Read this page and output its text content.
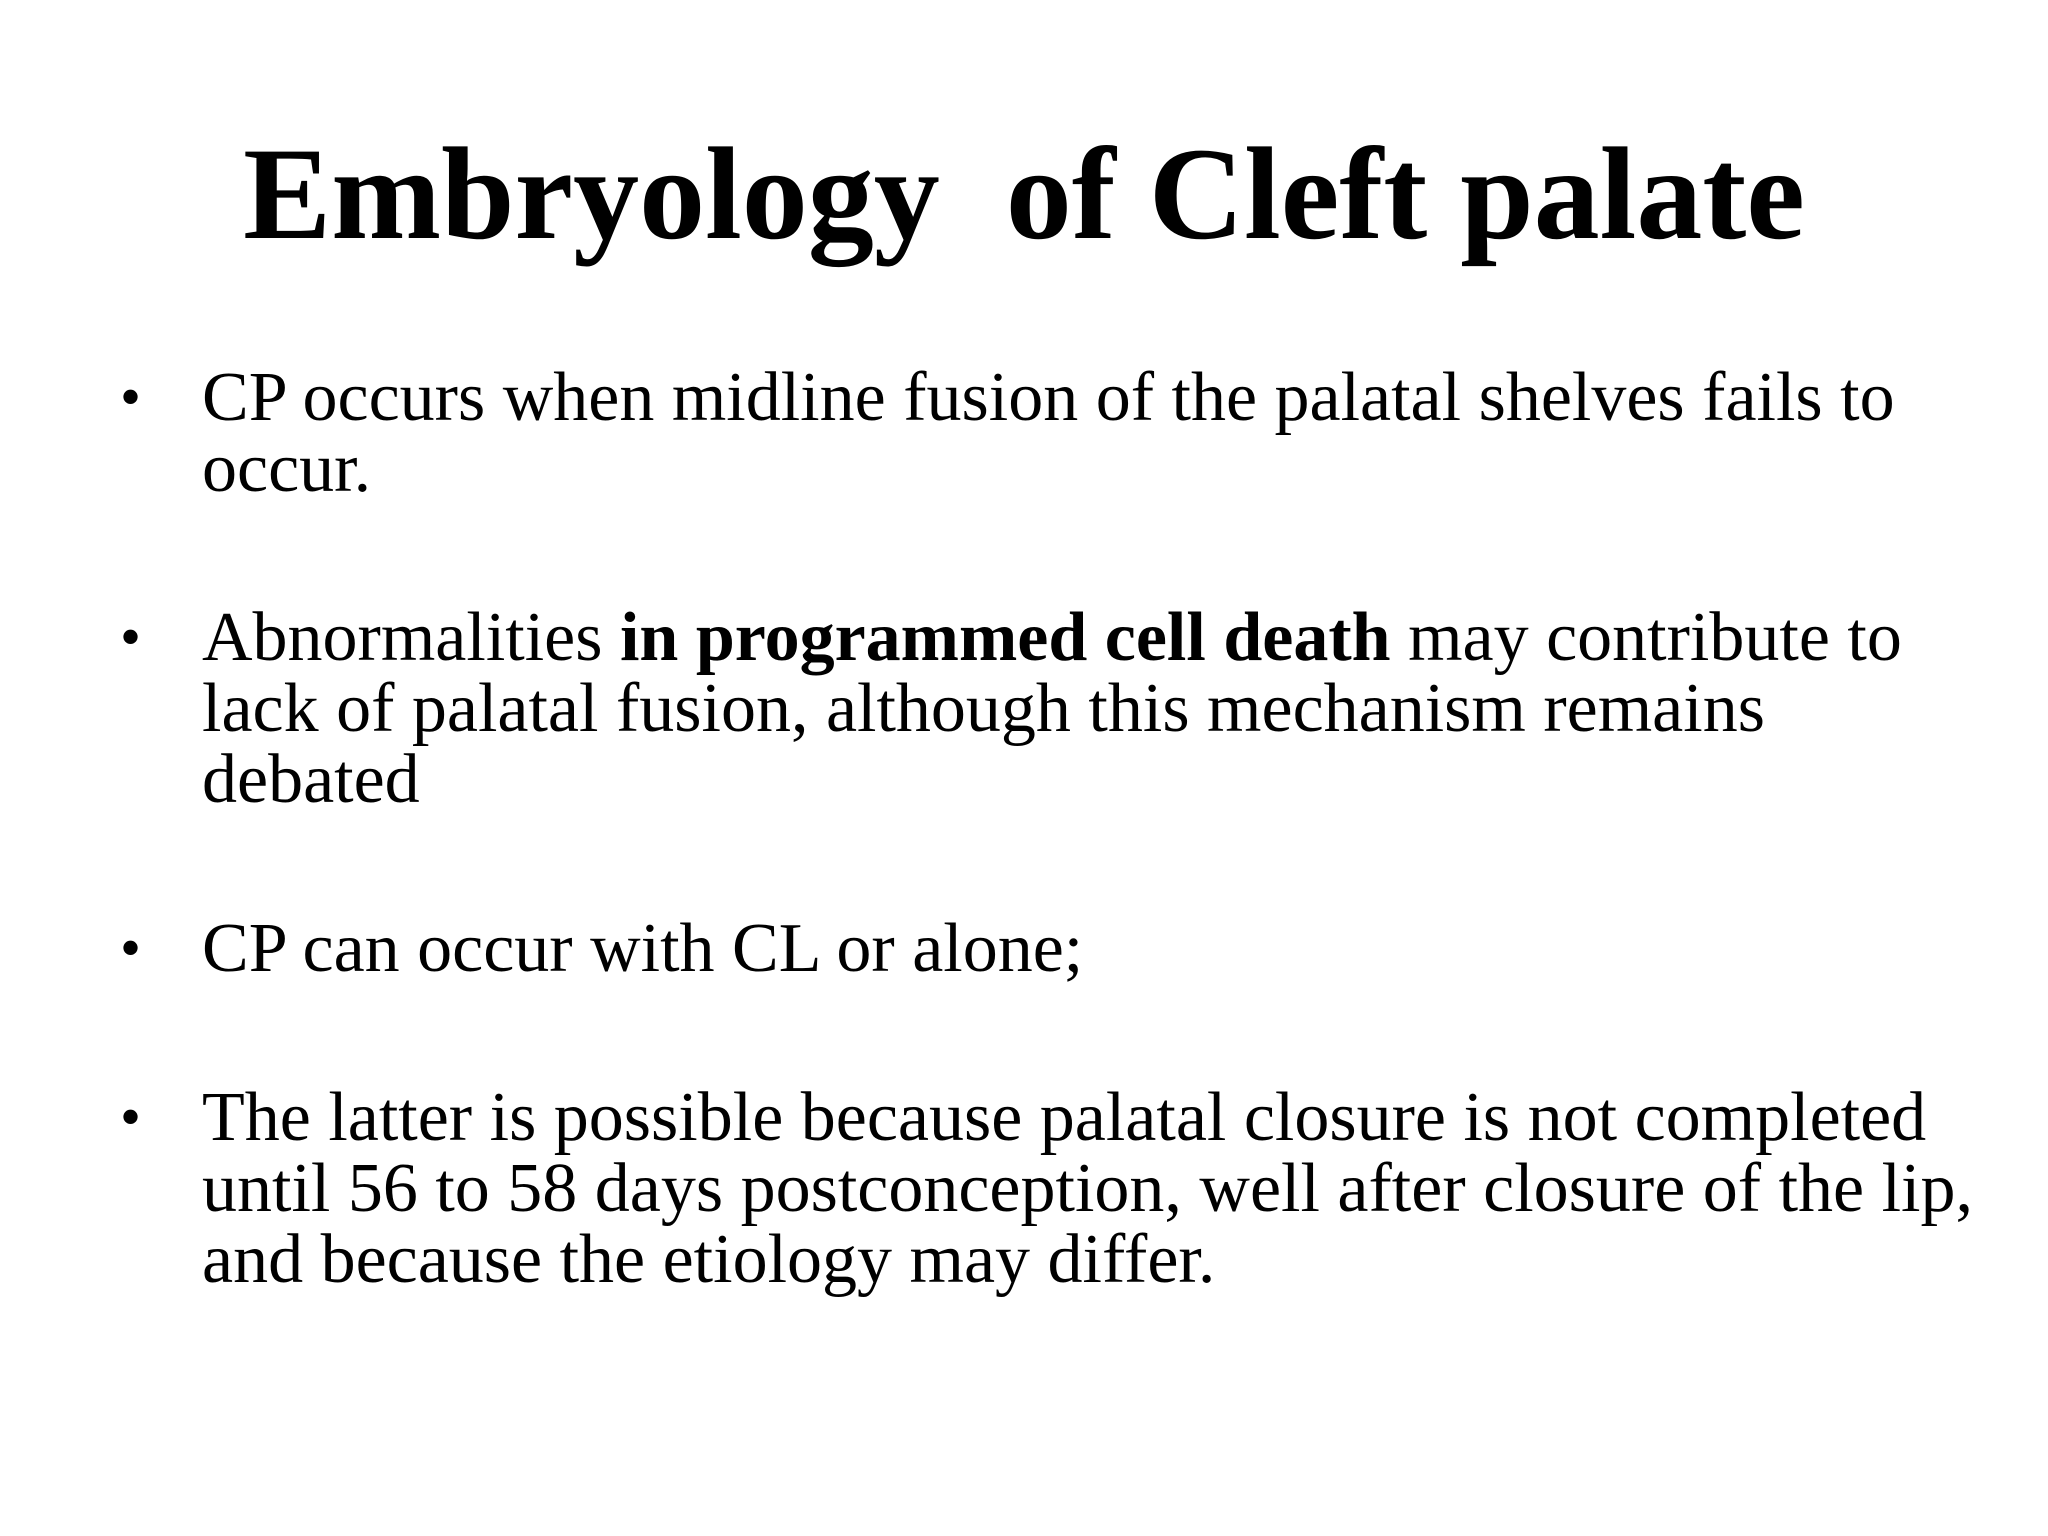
Embryology  of Cleft palate
• CP occurs when midline fusion of the palatal shelves fails to occur.
• Abnormalities in programmed cell death may contribute to lack of palatal fusion, although this mechanism remains debated
• CP can occur with CL or alone;
• The latter is possible because palatal closure is not completed until 56 to 58 days postconception, well after closure of the lip, and because the etiology may differ.
